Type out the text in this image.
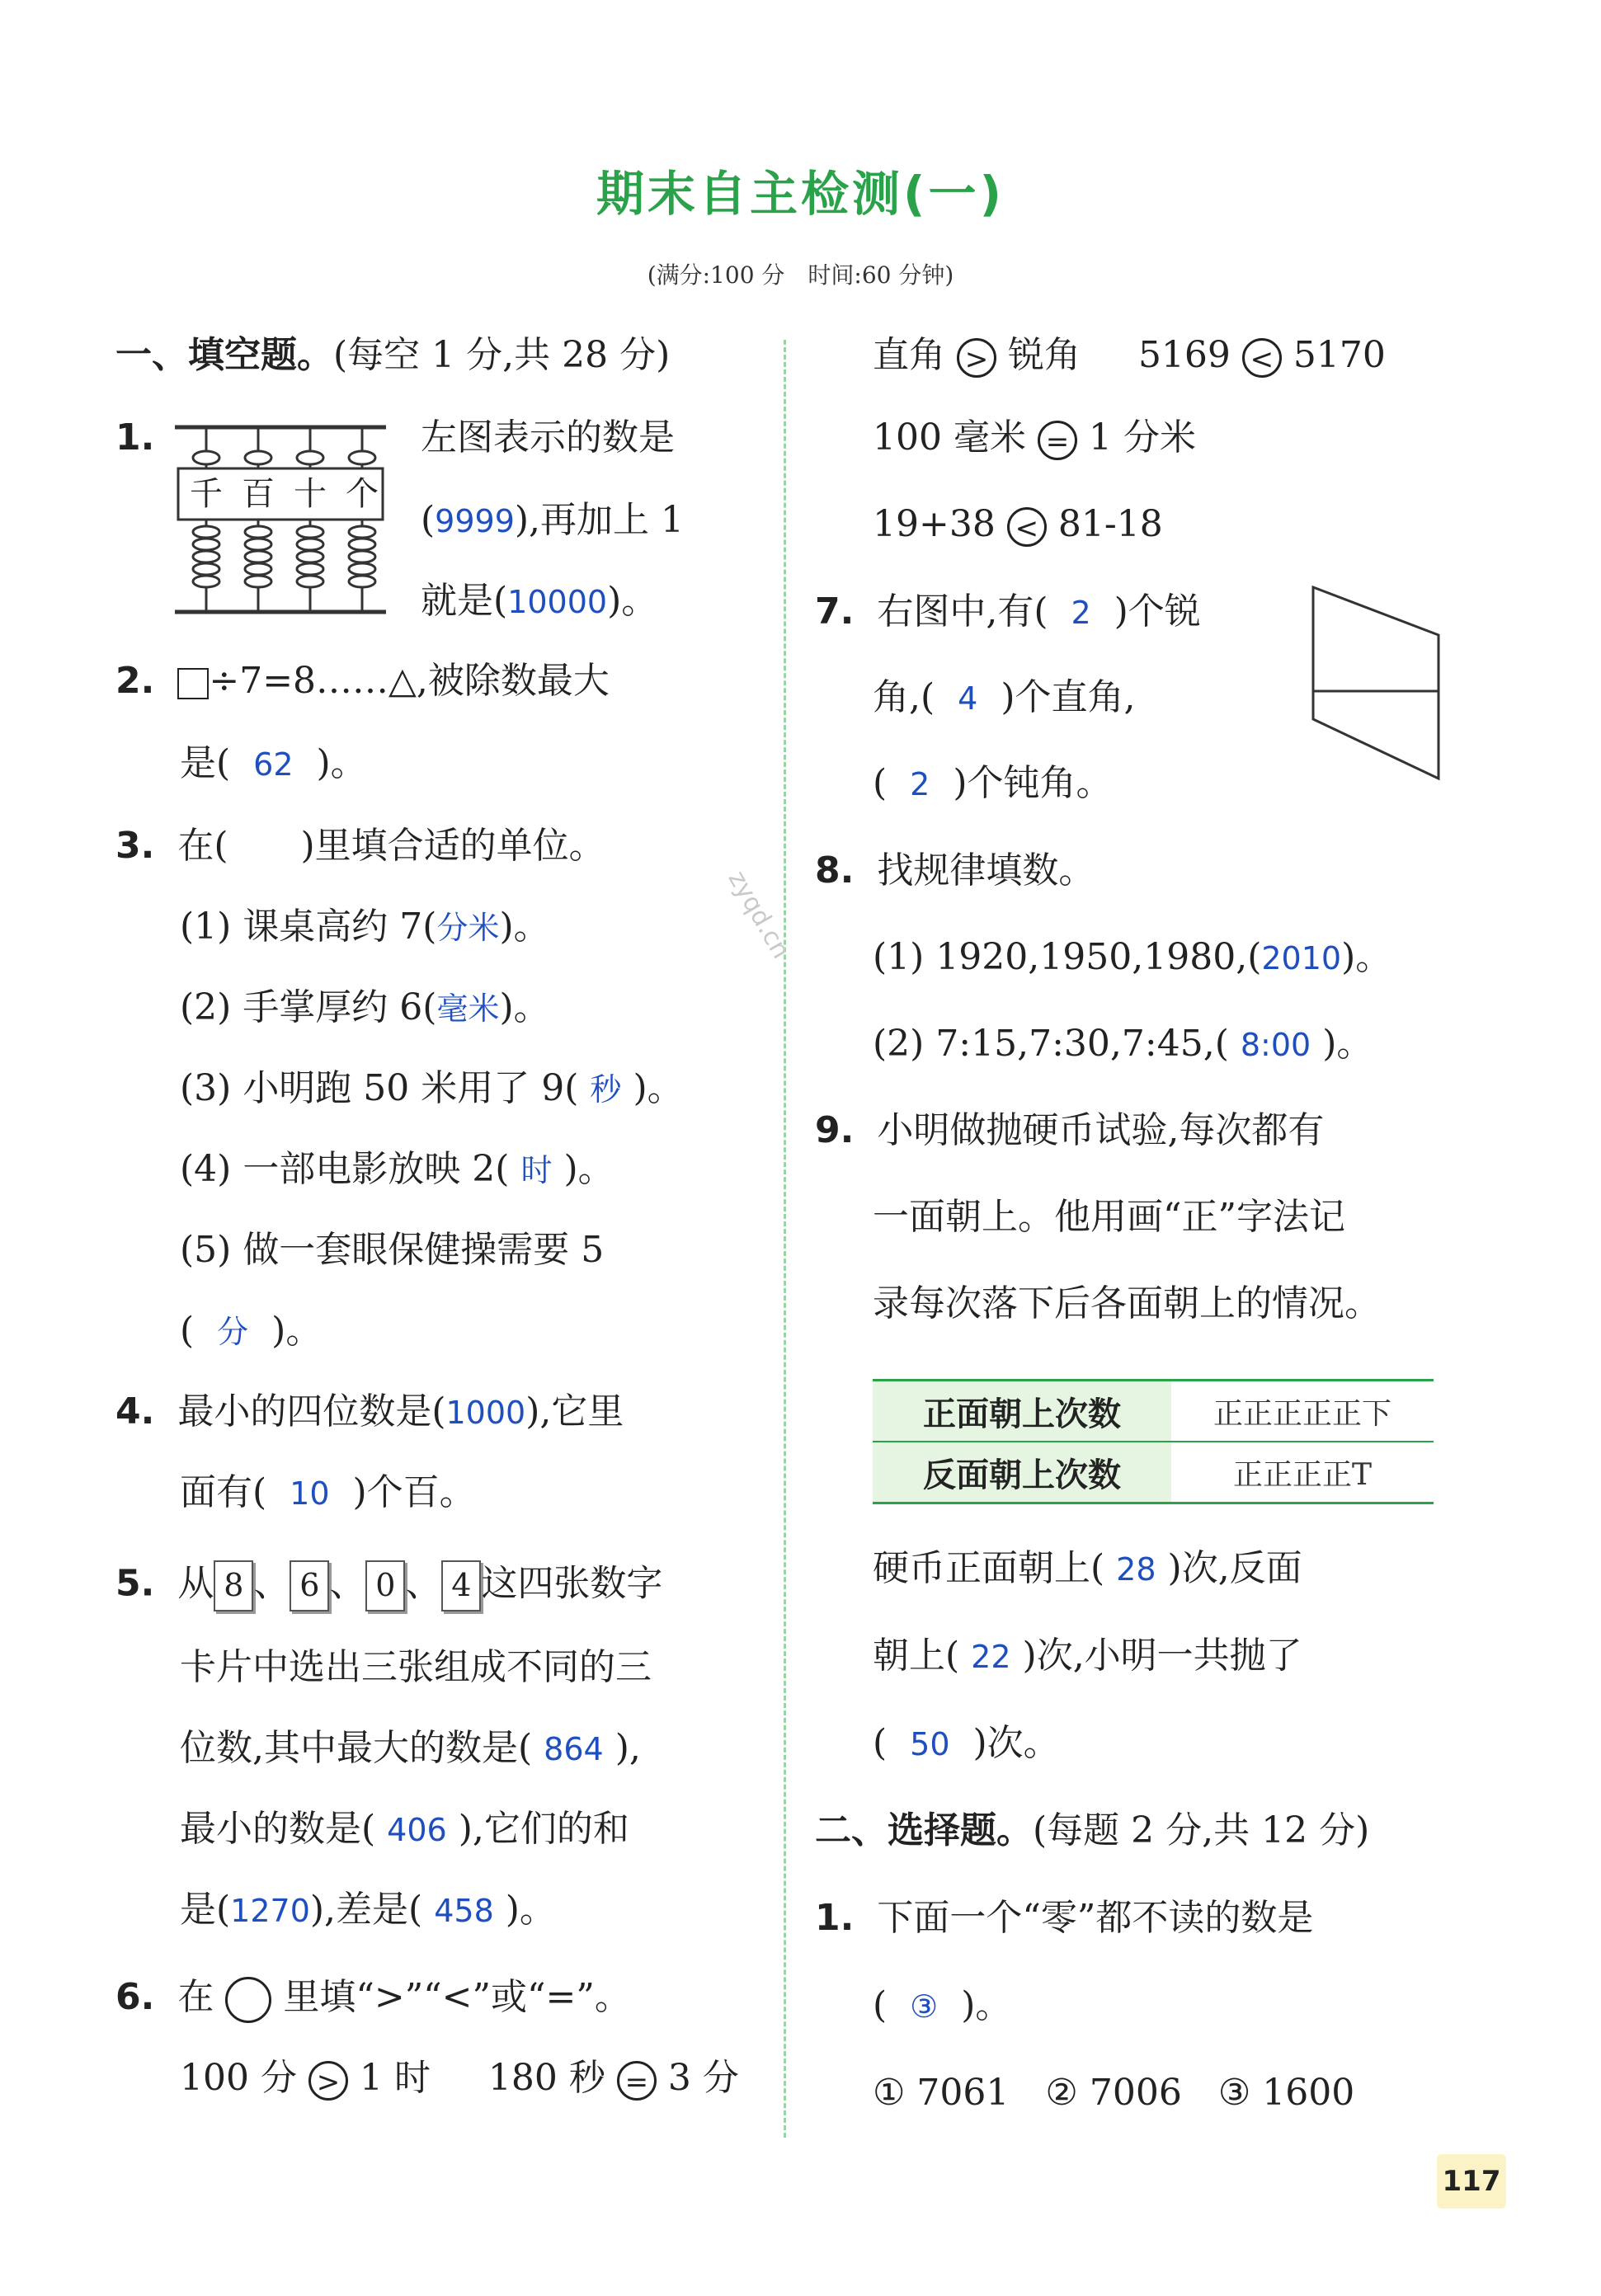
期末自主检测(一)
(满分:100 分　时间:60 分钟)
zyqd.cn
一、填空题。(每空 1 分,共 28 分)
1.
千 百 十 个
左图表示的数是
(9999),再加上 1
就是(10000)。
2. ÷7=8……△,被除数最大
是( 62 )。
3. 在(　　)里填合适的单位。
(1) 课桌高约 7(分米)。
(2) 手掌厚约 6(毫米)。
(3) 小明跑 50 米用了 9( 秒 )。
(4) 一部电影放映 2( 时 )。
(5) 做一套眼保健操需要 5
( 分 )。
4. 最小的四位数是(1000),它里
面有( 10 )个百。
5. 从 8 、 6 、 0 、 4 这四张数字
卡片中选出三张组成不同的三
位数,其中最大的数是( 864 ),
最小的数是( 406 ),它们的和
是(1270),差是( 458 )。
6. 在 里填“>”“<”或“=”。
100 分 > 1 时 180 秒 = 3 分
直角 > 锐角 5169 < 5170
100 毫米 = 1 分米
19+38 < 81-18
7. 右图中,有( 2 )个锐
角,( 4 )个直角,
( 2 )个钝角。
8. 找规律填数。
(1) 1920,1950,1980,(2010)。
(2) 7:15,7:30,7:45,( 8:00 )。
9. 小明做抛硬币试验,每次都有
一面朝上。他用画“正”字法记
录每次落下后各面朝上的情况。
正面朝上次数	正正正正正下
反面朝上次数	正正正正T
硬币正面朝上( 28 )次,反面
朝上( 22 )次,小明一共抛了
( 50 )次。
二、选择题。(每题 2 分,共 12 分)
1. 下面一个“零”都不读的数是
( ③ )。
① 7061　② 7006　③ 1600
117
